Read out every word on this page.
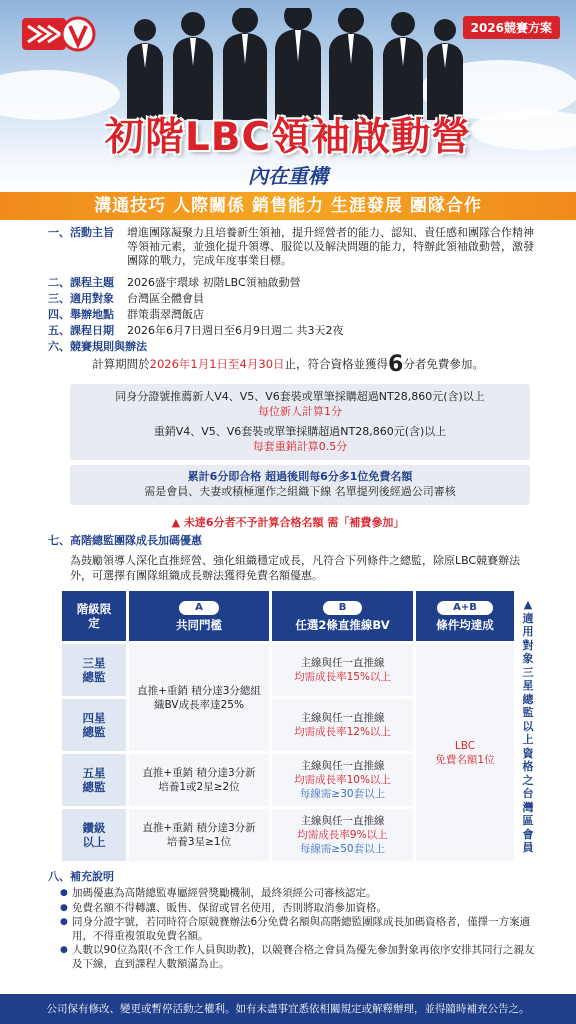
2026競賽方案
初階LBC領袖啟動營
內在重構
溝通技巧 人際關係 銷售能力 生涯發展 團隊合作
一、活動主旨 增進團隊凝聚力且培養新生領袖，提升經營者的能力、認知、責任感和團隊合作精神等領袖元素，並強化提升領導、服從以及解決問題的能力，特辦此領袖啟動營，激發團隊的戰力，完成年度事業目標。
二、課程主題 2026盛宇環球 初階LBC領袖啟動營
三、適用對象 台灣區全體會員
四、舉辦地點 群策翡翠灣飯店
五、課程日期 2026年6月7日週日至6月9日週二 共3天2夜
六、競賽規則與辦法
計算期間於2026年1月1日至4月30日止，符合資格並獲得6分者免費參加。
同身分證號推薦新人V4、V5、V6套裝或單筆採購超過NT28,860元(含)以上
每位新人計算1分
重銷V4、V5、V6套裝或單筆採購超過NT28,860元(含)以上
每套重銷計算0.5分
累計6分即合格 超過後則每6分多1位免費名額
需是會員、夫妻或積極運作之組織下線 名單提列後經過公司審核
▲ 未達6分者不予計算合格名額 需「補費參加」
七、高階總監團隊成長加碼優惠
為鼓勵領導人深化直推經營、強化組織穩定成長，凡符合下列條件之總監，除原LBC競賽辦法外，可選擇有團隊組織成長辦法獲得免費名額優惠。
階級限定
A
共同門檻
B
任選2條直推線BV
A+B
條件均達成
三星總監
四星總監
五星總監
鑽級以上
直推+重銷 積分達3分總組織BV成長率達25%
直推+重銷 積分達3分新培養1或2星≥2位
直推+重銷 積分達3分新培養3星≥1位
主線與任一直推線
均需成長率15%以上
主線與任一直推線
均需成長率12%以上
主線與任一直推線
均需成長率10%以上
每線需≥30套以上
主線與任一直推線
均需成長率9%以上
每線需≥50套以上
LBC
免費名額1位
▲適用對象 三星總監以上資格之台灣區會員
八、補充說明
● 加碼優惠為高階總監專屬經營獎勵機制，最終須經公司審核認定。
● 免費名額不得轉讓、販售、保留或冒名使用，否則將取消參加資格。
● 同身分證字號，若同時符合原競賽辦法6分免費名額與高階總監團隊成長加碼資格者，僅擇一方案適用，不得重複領取免費名額。
● 人數以90位為限(不含工作人員與助教)，以競賽合格之會員為優先參加對象再依序安排其同行之親友及下線，直到課程人數額滿為止。
公司保有修改、變更或暫停活動之權利。如有未盡事宜悉依相關規定或解釋辦理，並得隨時補充公告之。
